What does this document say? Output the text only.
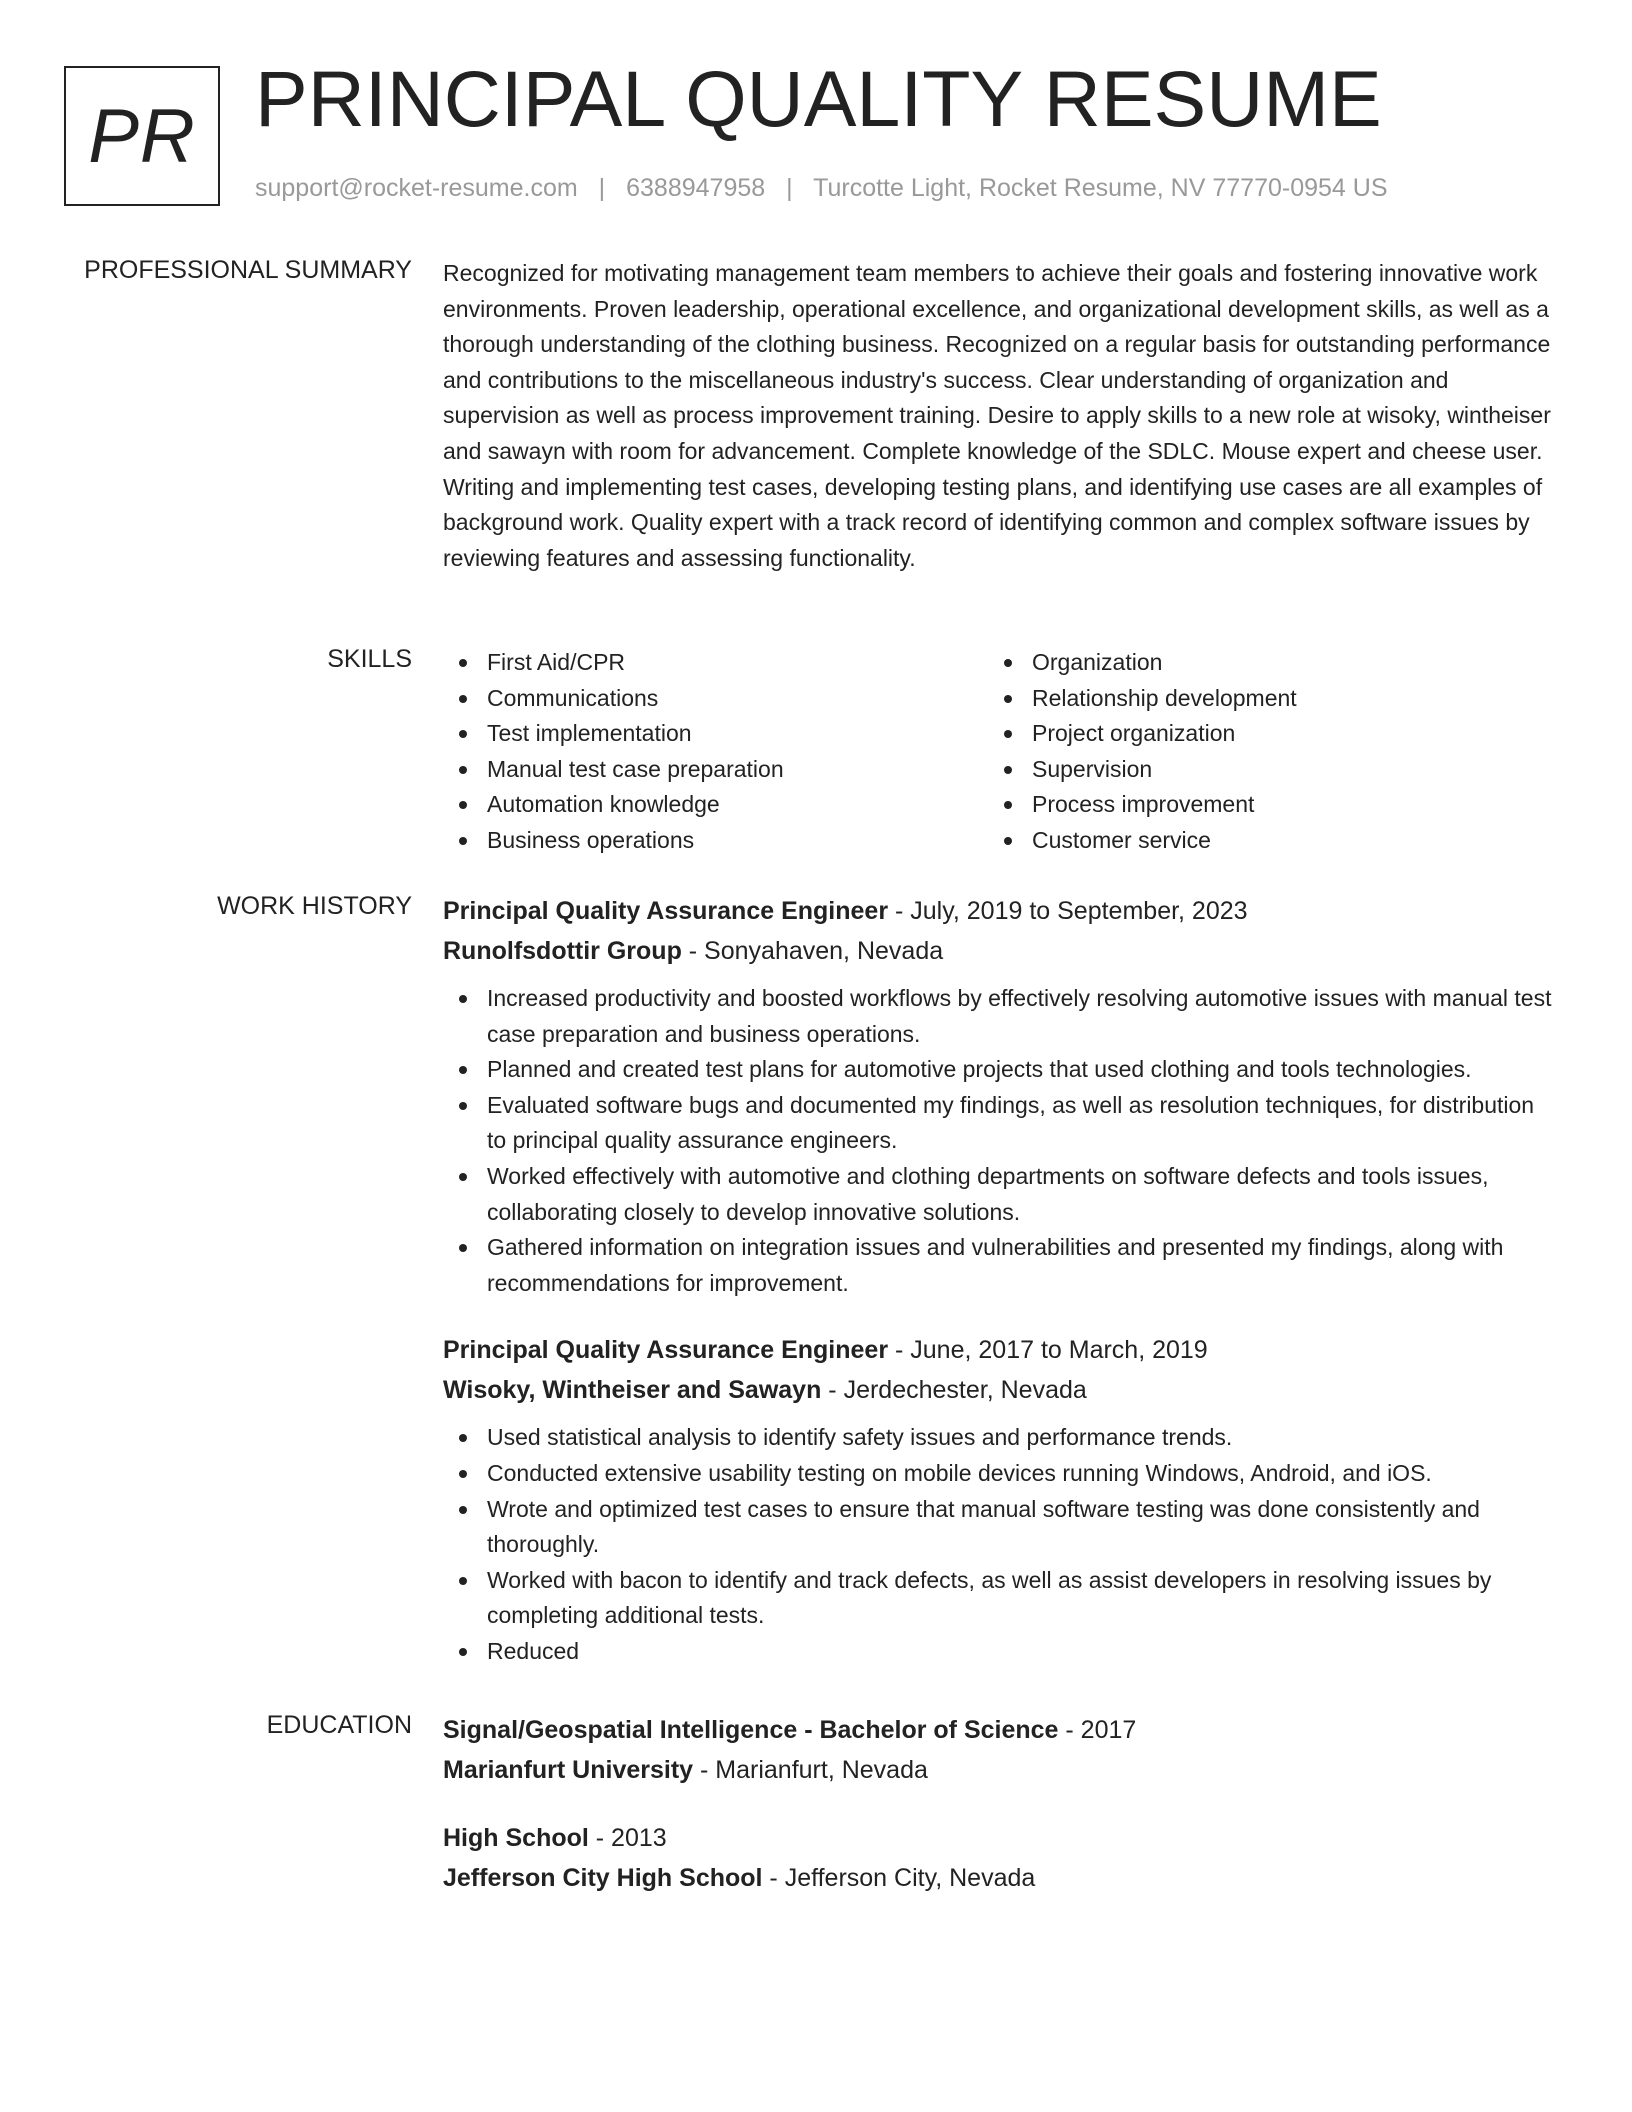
PR PRINCIPAL QUALITY RESUME
support@rocket-resume.com | 6388947958 | Turcotte Light, Rocket Resume, NV 77770-0954 US
PROFESSIONAL SUMMARY Recognized for motivating management team members to achieve their goals and fostering innovative work environments. Proven leadership, operational excellence, and organizational development skills, as well as a thorough understanding of the clothing business. Recognized on a regular basis for outstanding performance and contributions to the miscellaneous industry's success. Clear understanding of organization and supervision as well as process improvement training. Desire to apply skills to a new role at wisoky, wintheiser and sawayn with room for advancement. Complete knowledge of the SDLC. Mouse expert and cheese user. Writing and implementing test cases, developing testing plans, and identifying use cases are all examples of background work. Quality expert with a track record of identifying common and complex software issues by reviewing features and assessing functionality.

SKILLS	First Aid/CPR
Communications
Test implementation
Manual test case preparation
Automation knowledge
Business operations
Organization
Relationship development
Project organization
Supervision
Process improvement
Customer service
WORK HISTORY Principal Quality Assurance Engineer - July, 2019 to September, 2023
Runolfsdottir Group - Sonyahaven, Nevada
Increased productivity and boosted workflows by effectively resolving automotive issues with manual test case preparation and business operations.
Planned and created test plans for automotive projects that used clothing and tools technologies.
Evaluated software bugs and documented my findings, as well as resolution techniques, for distribution to principal quality assurance engineers.
Worked effectively with automotive and clothing departments on software defects and tools issues, collaborating closely to develop innovative solutions.
Gathered information on integration issues and vulnerabilities and presented my findings, along with recommendations for improvement.
Principal Quality Assurance Engineer - June, 2017 to March, 2019
Wisoky, Wintheiser and Sawayn - Jerdechester, Nevada
Used statistical analysis to identify safety issues and performance trends.
Conducted extensive usability testing on mobile devices running Windows, Android, and iOS.
Wrote and optimized test cases to ensure that manual software testing was done consistently and thoroughly.
Worked with bacon to identify and track defects, as well as assist developers in resolving issues by completing additional tests.
Reduced
EDUCATION Signal/Geospatial Intelligence - Bachelor of Science - 2017
Marianfurt University - Marianfurt, Nevada
High School - 2013
Jefferson City High School - Jefferson City, Nevada
